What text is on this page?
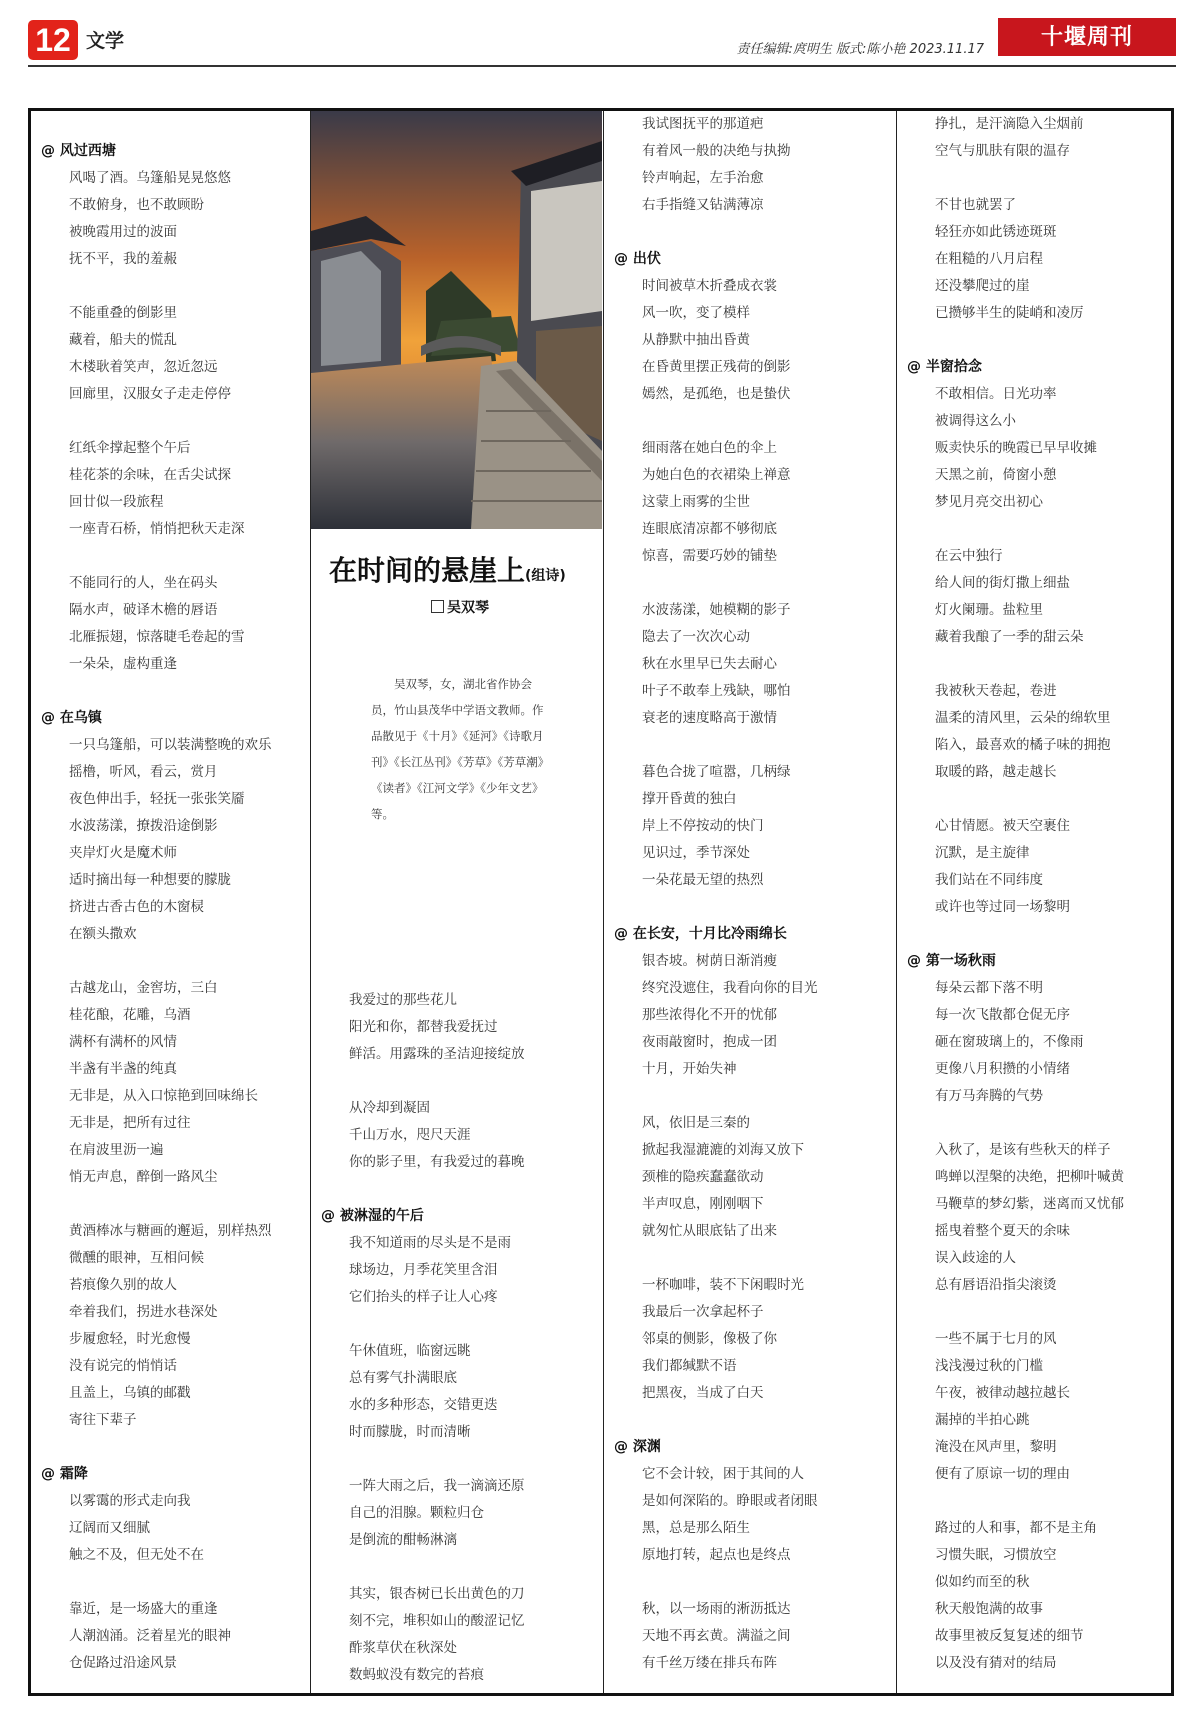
12 文学	责任编辑:庹明生 版式:陈小艳 2023.11.17	十堰周刊
@ 风过西塘
风喝了酒。乌篷船晃晃悠悠
不敢俯身，也不敢顾盼
被晚霞用过的波面
抚不平，我的羞赧
不能重叠的倒影里
藏着，船夫的慌乱
木楼耿着笑声，忽近忽远
回廊里，汉服女子走走停停
红纸伞撑起整个午后
桂花茶的余味，在舌尖试探
回廿似一段旅程
一座青石桥，悄悄把秋天走深
不能同行的人，坐在码头
隔水声，破译木檐的唇语
北雁振翅，惊落睫毛卷起的雪
一朵朵，虚构重逢
@ 在乌镇
一只乌篷船，可以装满整晚的欢乐
摇橹，听风，看云，赏月
夜色伸出手，轻抚一张张笑靥
水波荡漾，撩拨沿途倒影
夹岸灯火是魔术师
适时摘出每一种想要的朦胧
挤进古香古色的木窗棂
在额头撒欢
古越龙山，金窖坊，三白
桂花酿，花雕，乌酒
满杯有满杯的风情
半盏有半盏的纯真
无非是，从入口惊艳到回味绵长
无非是，把所有过往
在肩波里沥一遍
悄无声息，醉倒一路风尘
黄酒棒冰与糖画的邂逅，别样热烈
微醺的眼神，互相问候
苔痕像久别的故人
牵着我们，拐进水巷深处
步履愈轻，时光愈慢
没有说完的悄悄话
且盖上，乌镇的邮戳
寄往下辈子
@ 霜降
以雾霭的形式走向我
辽阔而又细腻
触之不及，但无处不在
靠近，是一场盛大的重逢
人潮汹涌。泛着星光的眼神
仓促路过沿途风景
在时间的悬崖上(组诗)
吴双琴
吴双琴，女，湖北省作协会员，竹山县茂华中学语文教师。作品散见于《十月》《延河》《诗歌月刊》《长江丛刊》《芳草》《芳草潮》《读者》《江河文学》《少年文艺》等。
我爱过的那些花儿
阳光和你，都替我爱抚过
鲜活。用露珠的圣洁迎接绽放
从冷却到凝固
千山万水，咫尺天涯
你的影子里，有我爱过的暮晚
@ 被淋湿的午后
我不知道雨的尽头是不是雨
球场边，月季花笑里含泪
它们抬头的样子让人心疼
午休值班，临窗远眺
总有雾气扑满眼底
水的多种形态，交错更迭
时而朦胧，时而清晰
一阵大雨之后，我一滴滴还原
自己的泪腺。颗粒归仓
是倒流的酣畅淋漓
其实，银杏树已长出黄色的刀
刻不完，堆积如山的酸涩记忆
酢浆草伏在秋深处
数蚂蚁没有数完的苔痕
我试图抚平的那道疤
有着风一般的决绝与执拗
铃声响起，左手治愈
右手指缝又钻满薄凉
@ 出伏
时间被草木折叠成衣裳
风一吹，变了模样
从静默中抽出昏黄
在昏黄里摆正残荷的倒影
嫣然，是孤绝，也是蛰伏
细雨落在她白色的伞上
为她白色的衣裙染上禅意
这蒙上雨雾的尘世
连眼底清凉都不够彻底
惊喜，需要巧妙的铺垫
水波荡漾，她模糊的影子
隐去了一次次心动
秋在水里早已失去耐心
叶子不敢奉上残缺，哪怕
衰老的速度略高于激情
暮色合拢了喧嚣，几柄绿
撑开昏黄的独白
岸上不停按动的快门
见识过，季节深处
一朵花最无望的热烈
@ 在长安，十月比冷雨绵长
银杏坡。树荫日渐消瘦
终究没遮住，我看向你的目光
那些浓得化不开的忧郁
夜雨敲窗时，抱成一团
十月，开始失神
风，依旧是三秦的
掀起我湿漉漉的刘海又放下
颈椎的隐疾蠢蠢欲动
半声叹息，刚刚咽下
就匆忙从眼底钻了出来
一杯咖啡，装不下闲暇时光
我最后一次拿起杯子
邻桌的侧影，像极了你
我们都缄默不语
把黑夜，当成了白天
@ 深渊
它不会计较，困于其间的人
是如何深陷的。睁眼或者闭眼
黑，总是那么陌生
原地打转，起点也是终点
秋，以一场雨的淅沥抵达
天地不再玄黄。满溢之间
有千丝万缕在排兵布阵
挣扎，是汗滴隐入尘烟前
空气与肌肤有限的温存
不甘也就罢了
轻狂亦如此锈迹斑斑
在粗糙的八月启程
还没攀爬过的崖
已攒够半生的陡峭和凌厉
@ 半窗拾念
不敢相信。日光功率
被调得这么小
贩卖快乐的晚霞已早早收摊
天黑之前，倚窗小憩
梦见月亮交出初心
在云中独行
给人间的街灯撒上细盐
灯火阑珊。盐粒里
藏着我酿了一季的甜云朵
我被秋天卷起，卷进
温柔的清风里，云朵的绵软里
陷入，最喜欢的橘子味的拥抱
取暖的路，越走越长
心甘情愿。被天空裹住
沉默，是主旋律
我们站在不同纬度
或许也等过同一场黎明
@ 第一场秋雨
每朵云都下落不明
每一次飞散都仓促无序
砸在窗玻璃上的，不像雨
更像八月积攒的小情绪
有万马奔腾的气势
入秋了，是该有些秋天的样子
鸣蝉以涅槃的决绝，把柳叶喊黄
马鞭草的梦幻紫，迷离而又忧郁
摇曳着整个夏天的余味
误入歧途的人
总有唇语沿指尖滚烫
一些不属于七月的风
浅浅漫过秋的门槛
午夜，被律动越拉越长
漏掉的半拍心跳
淹没在风声里，黎明
便有了原谅一切的理由
路过的人和事，都不是主角
习惯失眠，习惯放空
似如约而至的秋
秋天般饱满的故事
故事里被反复复述的细节
以及没有猜对的结局
